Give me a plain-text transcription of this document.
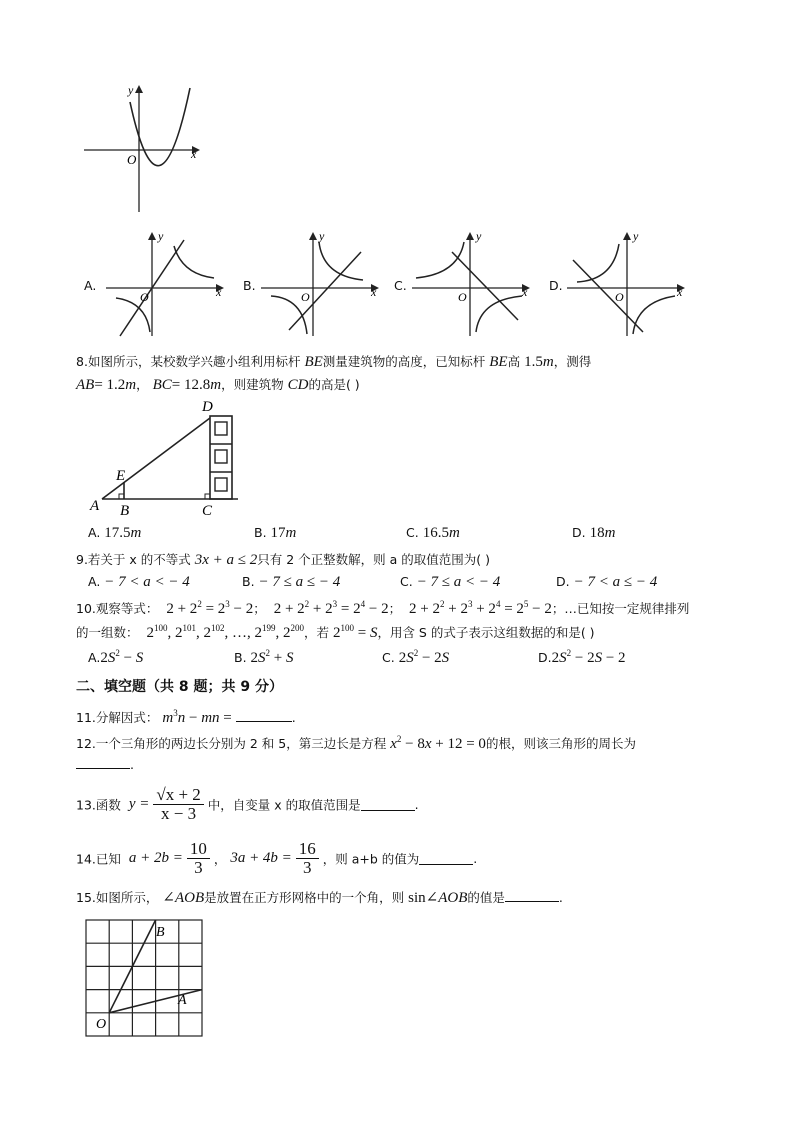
y
x
O
A.
y
x
O
B.
y
x
O
C.
y
x
O
D.
y
x
O
8.如图所示，某校数学兴趣小组利用标杆 BE测量建筑物的高度，已知标杆 BE高 1.5m，测得
AB= 1.2m， BC= 12.8m，则建筑物 CD的高是( )
D
E
A B	C
A. 17.5m	B. 17m	C. 16.5m	D. 18m
9.若关于 x 的不等式 3x + a ≤ 2只有 2 个正整数解，则 a 的取值范围为( )
A. − 7 < a < − 4	B. − 7 ≤ a ≤ − 4	C. − 7 ≤ a < − 4	D. − 7 < a ≤ − 4
10.观察等式： $2 + 2^2 = 2^3 - 2$；  $2 + 2^2 + 2^3 = 2^4 - 2$；  $2 + 2^2 + 2^3 + 2^4 = 2^5 - 2$；…已知按一定规律排列
的一组数： $2^{100}$, $2^{101}$, $2^{102}$, …, $2^{199}$, $2^{200}$，若 $2^{100} = S$，用含 S 的式子表示这组数据的和是( )
$A.2S^2 - S$	B. $2S^2 + S$	C. $2S^2 - 2S$	$D.2S^2 - 2S - 2$
二、填空题（共 8 题；共 9 分）
11.分解因式： $m^3n$ − mn =	.
12.一个三角形的两边长分别为 2 和 5，第三边长是方程 $x^2 - 8x + 12 = 0$的根，则该三角形的周长为
.
13.函数 $y = \frac{√x + 2}{x - 3}$ 中，自变量 x 的取值范围是	.
14.已知 $a + 2b = \frac{10}{3}$ ， $3a + 4b = \frac{16}{3}$ ，则 a+b 的值为	.
15.如图所示， ∠AOB是放置在正方形网格中的一个角，则 sin∠AOB的值是	.
B
A
O
